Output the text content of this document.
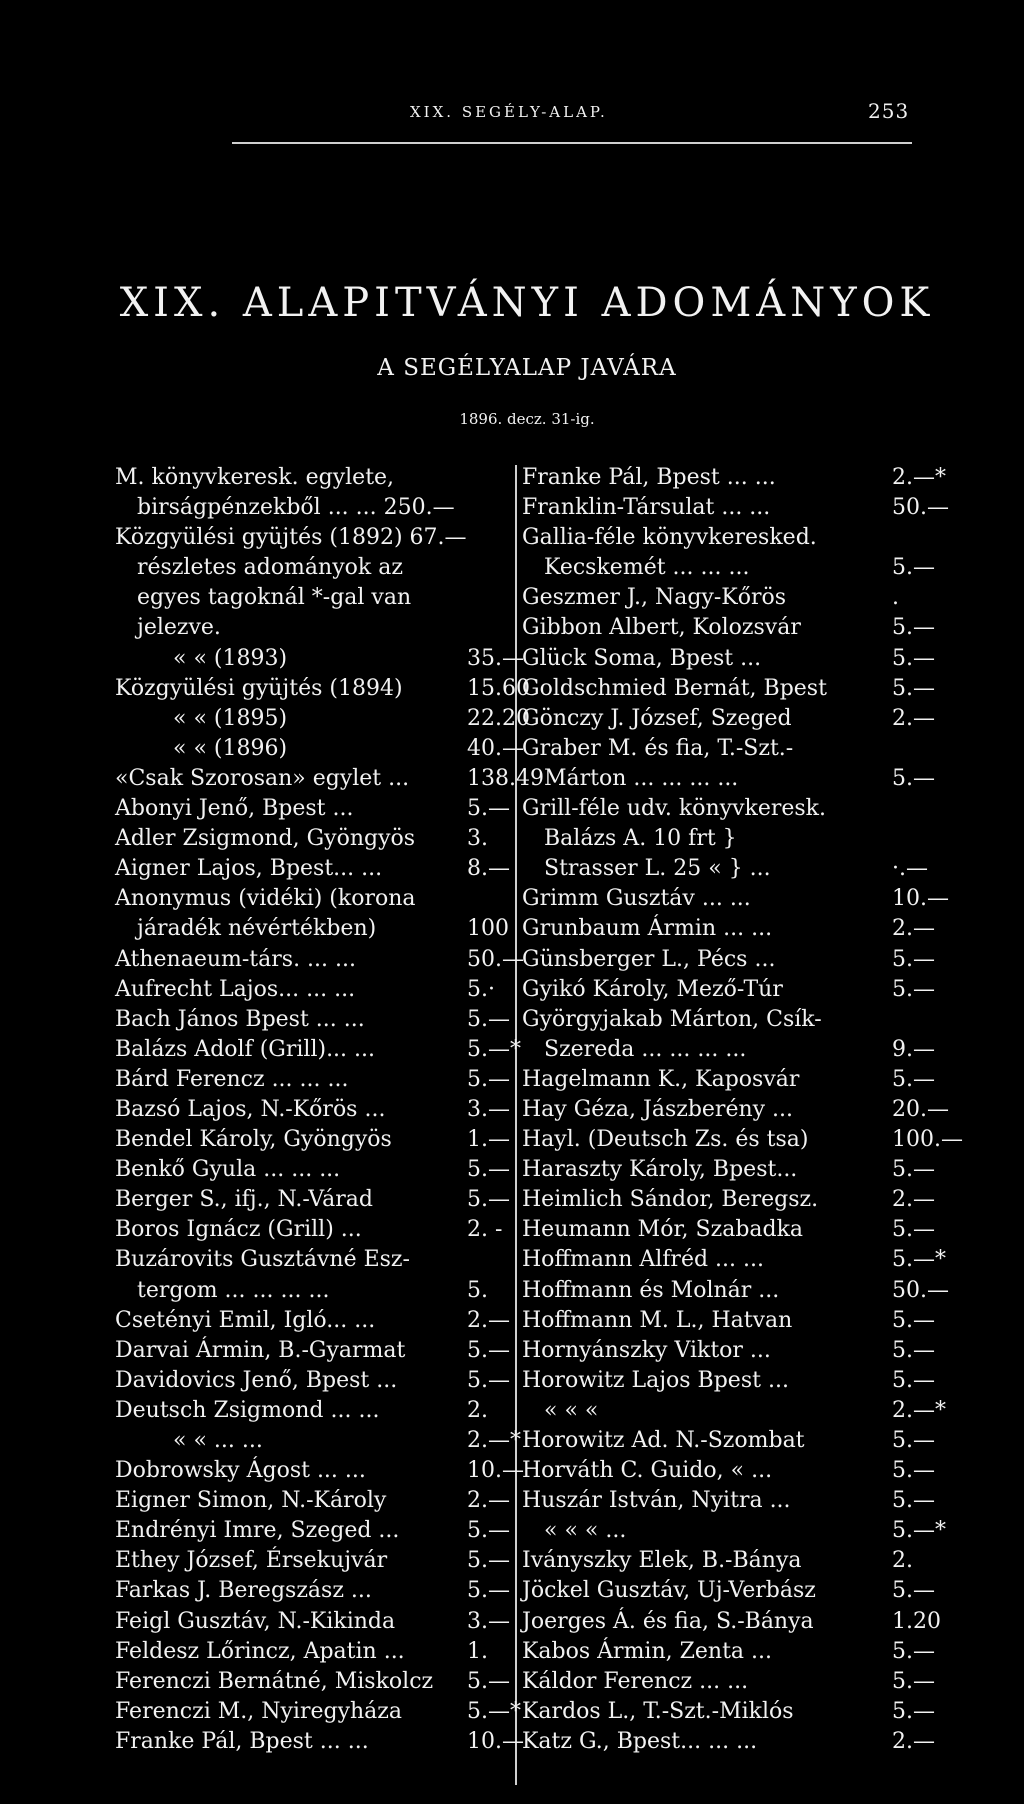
XIX. SEGÉLY-ALAP.	253
XIX. ALAPITVÁNYI ADOMÁNYOK
A SEGÉLYALAP JAVÁRA
1896. decz. 31-ig.
M. könyvkeresk. egylete,
birságpénzekből ... ... 250.—
Közgyülési gyüjtés (1892) 67.—
részletes adományok az
egyes tagoknál *-gal van
jelezve.
« « (1893)	35.—
Közgyülési gyüjtés (1894)	15.60
« « (1895)	22.20
« « (1896)	40.—
«Csak Szorosan» egylet ...	138.49
Abonyi Jenő, Bpest ...	5.—
Adler Zsigmond, Gyöngyös 3.
Aigner Lajos, Bpest... ...	8.—
Anonymus (vidéki) (korona
járadék névértékben)	100
Athenaeum-társ. ... ...	50.—
Aufrecht Lajos... ... ...	5.·
Bach János Bpest ... ...	5.—
Balázs Adolf (Grill)... ...	5.—*
Bárd Ferencz ... ... ...	5.—
Bazsó Lajos, N.-Kőrös ...	3.—
Bendel Károly, Gyöngyös	1.—
Benkő Gyula ... ... ...	5.—
Berger S., ifj., N.-Várad	5.—
Boros Ignácz (Grill) ...	2. -
Buzárovits Gusztávné Esz-
tergom ... ... ... ...	5.
Csetényi Emil, Igló... ...	2.—
Darvai Ármin, B.-Gyarmat	5.—
Davidovics Jenő, Bpest ...	5.—
Deutsch Zsigmond ... ...	2.
« « ... ...	2.—*
Dobrowsky Ágost ... ...	10.—
Eigner Simon, N.-Károly	2.—
Endrényi Imre, Szeged ...	5.—
Ethey József, Érsekujvár	5.—
Farkas J. Beregszász ...	5.—
Feigl Gusztáv, N.-Kikinda	3.—
Feldesz Lőrincz, Apatin ...	1.
Ferenczi Bernátné, Miskolcz 5.—
Ferenczi M., Nyiregyháza	5.—*
Franke Pál, Bpest ... ...	10.—
Franke Pál, Bpest ... ...	2.—*
Franklin-Társulat ... ...	50.—
Gallia-féle könyvkeresked.
Kecskemét ... ... ...	5.—
Geszmer J., Nagy-Kőrös	.
Gibbon Albert, Kolozsvár	5.—
Glück Soma, Bpest ...	5.—
Goldschmied Bernát, Bpest	5.—
Gönczy J. József, Szeged	2.—
Graber M. és fia, T.-Szt.-
Márton ... ... ... ...	5.—
Grill-féle udv. könyvkeresk.
Balázs A. 10 frt }
Strasser L. 25 « } ...	·.—
Grimm Gusztáv ... ...	10.—
Grunbaum Ármin ... ...	2.—
Günsberger L., Pécs ...	5.—
Gyikó Károly, Mező-Túr	5.—
Györgyjakab Márton, Csík-
Szereda ... ... ... ...	9.—
Hagelmann K., Kaposvár	5.—
Hay Géza, Jászberény ...	20.—
Hayl. (Deutsch Zs. és tsa)	100.—
Haraszty Károly, Bpest...	5.—
Heimlich Sándor, Beregsz.	2.—
Heumann Mór, Szabadka	5.—
Hoffmann Alfréd ... ...	5.—*
Hoffmann és Molnár ...	50.—
Hoffmann M. L., Hatvan	5.—
Hornyánszky Viktor ...	5.—
Horowitz Lajos Bpest ...	5.—
« « «	2.—*
Horowitz Ad. N.-Szombat	5.—
Horváth C. Guido, « ...	5.—
Huszár István, Nyitra ...	5.—
« « « ...	5.—*
Iványszky Elek, B.-Bánya	2.
Jöckel Gusztáv, Uj-Verbász	5.—
Joerges Á. és fia, S.-Bánya	1.20
Kabos Ármin, Zenta ...	5.—
Káldor Ferencz ... ...	5.—
Kardos L., T.-Szt.-Miklós	5.—
Katz G., Bpest... ... ...	2.—
